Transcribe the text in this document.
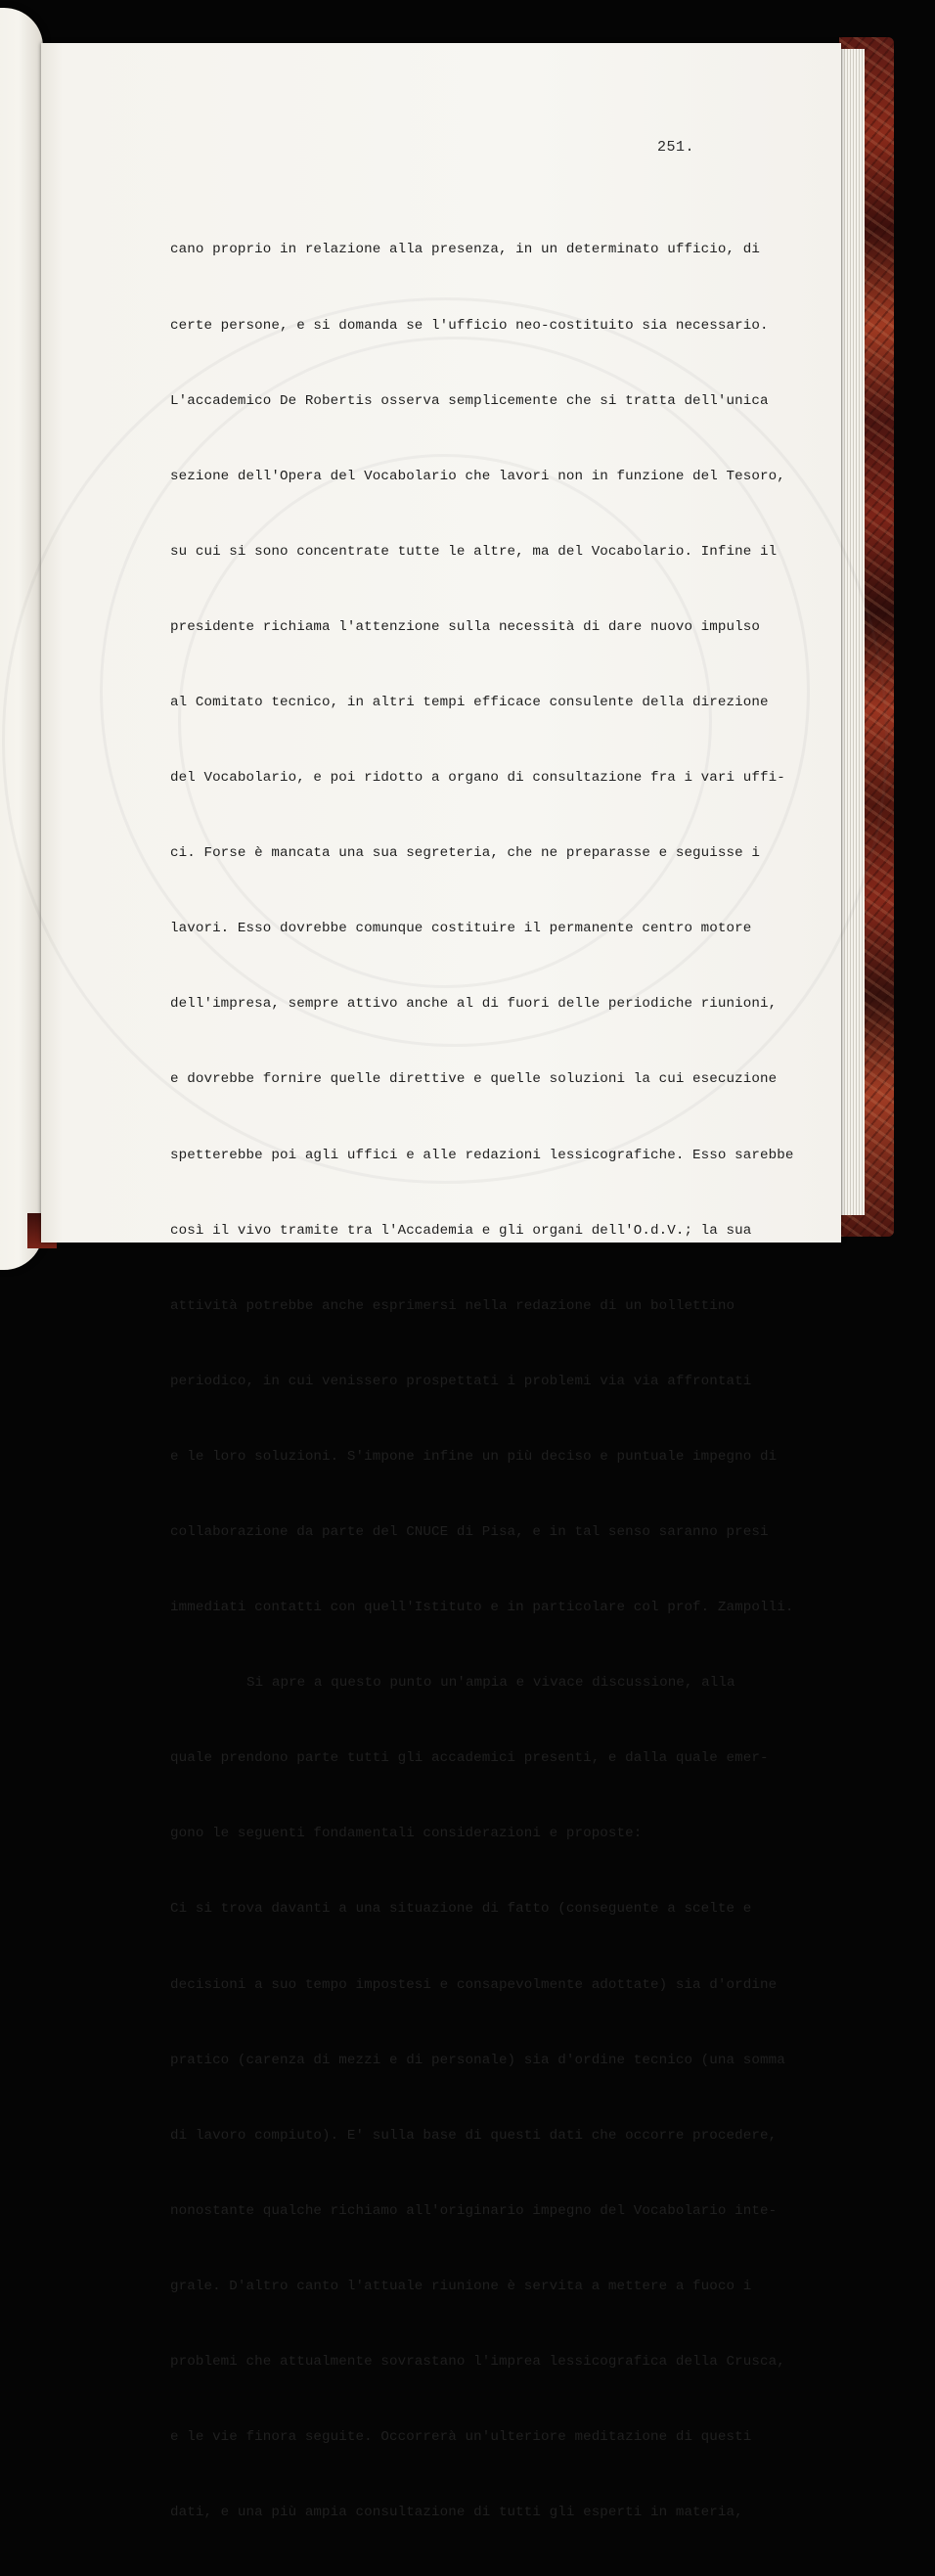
251.

cano proprio in relazione alla presenza, in un determinato ufficio, di

certe persone, e si domanda se l'ufficio neo-costituito sia necessario.

L'accademico De Robertis osserva semplicemente che si tratta dell'unica

sezione dell'Opera del Vocabolario che lavori non in funzione del Tesoro,

su cui si sono concentrate tutte le altre, ma del Vocabolario. Infine il

presidente richiama l'attenzione sulla necessità di dare nuovo impulso

al Comitato tecnico, in altri tempi efficace consulente della direzione

del Vocabolario, e poi ridotto a organo di consultazione fra i vari uffi-

ci. Forse è mancata una sua segreteria, che ne preparasse e seguisse i

lavori. Esso dovrebbe comunque costituire il permanente centro motore

dell'impresa, sempre attivo anche al di fuori delle periodiche riunioni,

e dovrebbe fornire quelle direttive e quelle soluzioni la cui esecuzione

spetterebbe poi agli uffici e alle redazioni lessicografiche. Esso sarebbe

così il vivo tramite tra l'Accademia e gli organi dell'O.d.V.; la sua

attività potrebbe anche esprimersi nella redazione di un bollettino

periodico, in cui venissero prospettati i problemi via via affrontati

e le loro soluzioni. S'impone infine un più deciso e puntuale impegno di

collaborazione da parte del CNUCE di Pisa, e in tal senso saranno presi

immediati contatti con quell'Istituto e in particolare col prof. Zampolli.

Si apre a questo punto un'ampia e vivace discussione, alla

quale prendono parte tutti gli accademici presenti, e dalla quale emer-

gono le seguenti fondamentali considerazioni e proposte:

Ci si trova davanti a una situazione di fatto (conseguente a scelte e

decisioni a suo tempo impostesi e consapevolmente adottate) sia d'ordine

pratico (carenza di mezzi e di personale) sia d'ordine tecnico (una somma

di lavoro compiuto). E' sulla base di questi dati che occorre procedere,

nonostante qualche richiamo all'originario impegno del Vocabolario inte-

grale. D'altro canto l'attuale riunione è servita a mettere a fuoco i

problemi che attualmente sovrastano l'imprea lessicografica della Crusca,

e le vie finora seguite. Occorrerà un'ulteriore meditazione di questi

dati, e una più ampia consultazione di tutti gli esperti in materia,
